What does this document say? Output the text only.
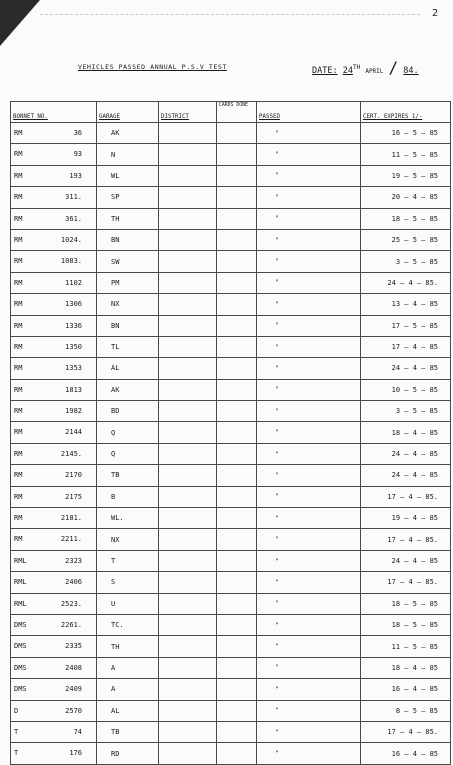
2
VEHICLES PASSED ANNUAL P.S.V TEST	DATE: 24TH APRIL / 84.
BONNET NO.	GARAGE	DISTRICT	CARDS DONE	PASSED	CERT. EXPIRES 1/-

RM 36	AK			"	16 – 5 – 85

RM 93	N			"	11 – 5 – 85

RM 193	WL			"	19 – 5 – 85

RM 311.	SP			"	20 – 4 – 85

RM 361.	TH			"	18 – 5 – 85

RM 1024.	BN			"	25 – 5 – 85

RM 1083.	SW			"	3 – 5 – 85

RM 1102	PM			"	24 – 4 – 85.

RM 1306	NX			"	13 – 4 – 85

RM 1336	BN			"	17 – 5 – 85

RM 1350	TL			"	17 – 4 – 85

RM 1353	AL			"	24 – 4 – 85

RM 1813	AK			"	10 – 5 – 85

RM 1982	BD			"	3 – 5 – 85

RM 2144	Q			"	18 – 4 – 85

RM 2145.	Q			"	24 – 4 – 85

RM 2170	TB			"	24 – 4 – 85

RM 2175	B			"	17 – 4 – 85.

RM 2181.	WL.			"	19 – 4 – 85

RM 2211.	NX			"	17 – 4 – 85.

RML 2323	T			"	24 – 4 – 85

RML 2406	S			"	17 – 4 – 85.

RML 2523.	U			"	18 – 5 – 85

DMS 2261.	TC.			"	18 – 5 – 85

DMS 2335	TH			"	11 – 5 – 85

DMS 2408	A			"	18 – 4 – 85

DMS 2409	A			"	16 – 4 – 85

D 2570	AL			"	8 – 5 – 85

T 74	TB			"	17 – 4 – 85.

T 176	RD			"	16 – 4 – 85
